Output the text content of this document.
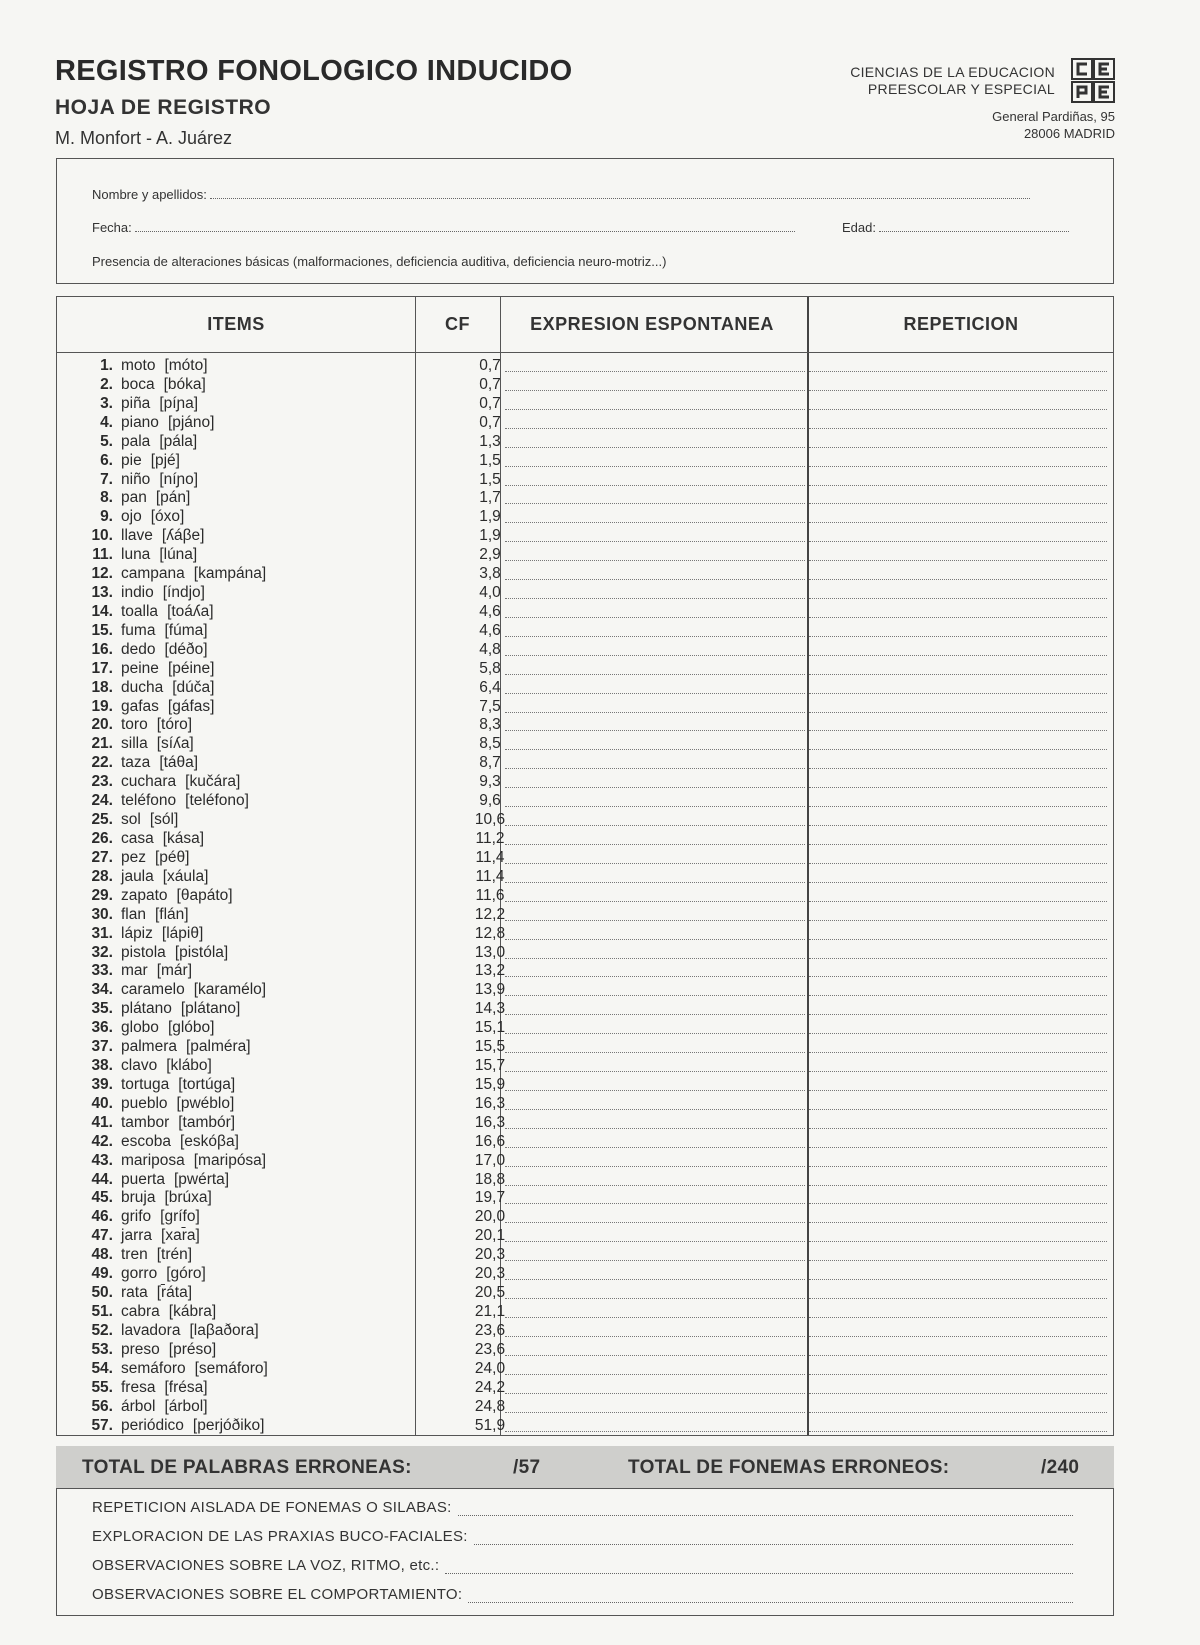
REGISTRO FONOLOGICO INDUCIDO
HOJA DE REGISTRO
M. Monfort - A. Juárez
CIENCIAS DE LA EDUCACION
PREESCOLAR Y ESPECIAL
General Pardiñas, 95
28006 MADRID
Nombre y apellidos:
Fecha:	Edad:
Presencia de alteraciones básicas (malformaciones, deficiencia auditiva, deficiencia neuro-motriz...)
ITEMS	CF	EXPRESION ESPONTANEA	REPETICION
1. moto [móto]	0,7
2. boca [bóka]	0,7
3. piña [píɲa]	0,7
4. piano [pjáno]	0,7
5. pala [pála]	1,3
6. pie [pjé]	1,5
7. niño [níɲo]	1,5
8. pan [pán]	1,7
9. ojo [óxo]	1,9
10. llave [ʎáβe]	1,9
11. luna [lúna]	2,9
12. campana [kampána]	3,8
13. indio [índjo]	4,0
14. toalla [toáʎa]	4,6
15. fuma [fúma]	4,6
16. dedo [déðo]	4,8
17. peine [péine]	5,8
18. ducha [dúča]	6,4
19. gafas [gáfas]	7,5
20. toro [tóro]	8,3
21. silla [síʎa]	8,5
22. taza [táθa]	8,7
23. cuchara [kučára]	9,3
24. teléfono [teléfono]	9,6
25. sol [sól]	10,6
26. casa [kása]	11,2
27. pez [péθ]	11,4
28. jaula [xáula]	11,4
29. zapato [θapáto]	11,6
30. flan [flán]	12,2
31. lápiz [lápiθ]	12,8
32. pistola [pistóla]	13,0
33. mar [már]	13,2
34. caramelo [karamélo]	13,9
35. plátano [plátano]	14,3
36. globo [glóbo]	15,1
37. palmera [palméra]	15,5
38. clavo [klábo]	15,7
39. tortuga [tortúga]	15,9
40. pueblo [pwéblo]	16,3
41. tambor [tambór]	16,3
42. escoba [eskóβa]	16,6
43. mariposa [maripósa]	17,0
44. puerta [pwérta]	18,8
45. bruja [brúxa]	19,7
46. grifo [grífo]	20,0
47. jarra [xar̄a]	20,1
48. tren [trén]	20,3
49. gorro [góro]	20,3
50. rata [r̄áta]	20,5
51. cabra [kábra]	21,1
52. lavadora [laβaðora]	23,6
53. preso [préso]	23,6
54. semáforo [semáforo]	24,0
55. fresa [frésa]	24,2
56. árbol [árbol]	24,8
57. periódico [perjóðiko]	51,9
TOTAL DE PALABRAS ERRONEAS:	/57	TOTAL DE FONEMAS ERRONEOS:	/240
REPETICION AISLADA DE FONEMAS O SILABAS:
EXPLORACION DE LAS PRAXIAS BUCO-FACIALES:
OBSERVACIONES SOBRE LA VOZ, RITMO, etc.:
OBSERVACIONES SOBRE EL COMPORTAMIENTO:
